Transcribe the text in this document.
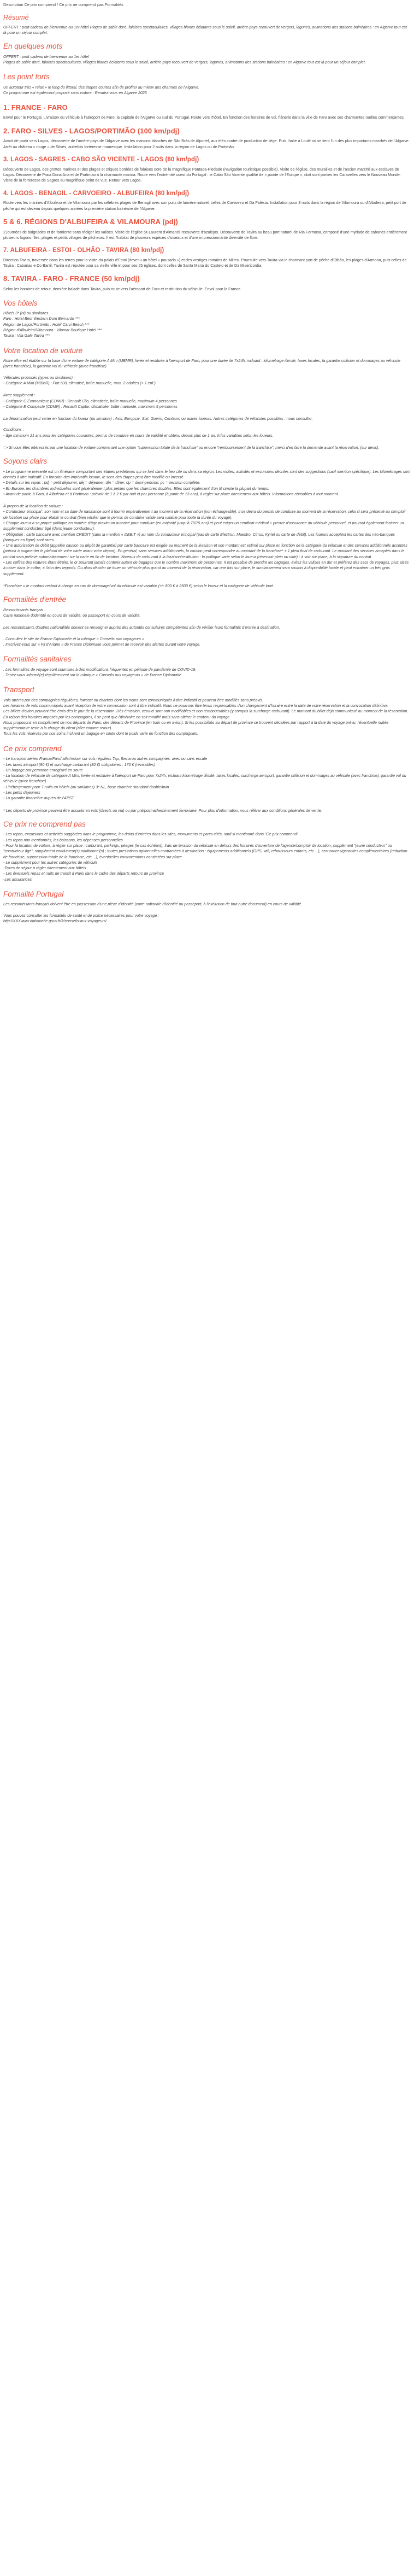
Description Ce prix comprend / Ce prix ne comprend pas Formalités

Résumé

OFFERT : petit cadeau de bienvenue au 1er hôtel Plages de sable doré, falaises spectaculaires, villages blancs éclatants sous le soleil, arrière-pays recouvert de vergers, lagunes, animations des stations balnéaires : en Algarve tout est là pour un séjour complet.

En quelques mots

OFFERT : petit cadeau de bienvenue au 1er hôtel

Plages de sable doré, falaises spectaculaires, villages blancs éclatants sous le soleil, arrière-pays recouvert de vergers, lagunes, animations des stations balnéaires : en Algarve tout est là pour un séjour complet.

Les point forts

Un autotour très « relax » le long du littoral, des étapes courtes afin de profiter au mieux des charmes de l'Algarve.

Ce programme est également proposé sans voiture : Rendez-vous en Algarve 2025

1. FRANCE - FARO

Envol pour le Portugal. Livraison du véhicule à l'aéroport de Faro, la capitale de l'Algarve ou sud du Portugal. Route vers l'hôtel. En fonction des horaires de vol, flânerie dans la ville de Faro avec ses charmantes ruelles commerçantes.

2. FARO - SILVES - LAGOS/PORTIMÃO (100 km/pdj)

Avant de partir vers Lagos, découverte de l'arrière-pays de l'Algarve avec les maisons blanches de São Brás de Alportel, aux étés contre de production de liège. Puis, halte à Loulé où se tient l'un des plus importants marchés de l'Algarve. Arrêt au château « rouge » de Silves, autrefois forteresse mauresque. Installation pour 2 nuits dans la région de Lagos ou de Portimão.

3. LAGOS - SAGRES - CABO SÃO VICENTE - LAGOS (80 km/pdj)

Découverte de Lagos, des grottes marines et des plages et criques bordées de falaises ocre de la magnifique Pontada-Piedade (navigation touristique possible). Visite de l'église, des murailles et de l'ancien marché aux esclaves de Lagos. Découverte de Praia Dona Ana et de Portimao à la charmante marina. Route vers l'extrémité ouest du Portugal : le Cabo São Vicente qualifié de « pointe de l'Europe », dixit sont parties les Caravelles vers le Nouveau Monde. Visite de la forteresse de Sagres au magnifique point de vue. Retour vers Lagos.

4. LAGOS - BENAGIL - CARVOEIRO - ALBUFEIRA (80 km/pdj)

Route vers les marines d'Albufeira et de Vilamoura par les célèbres plages de Benagil avec son puits de lumière naturel, celles de Carvoeiro et Da Falésia. Installation pour 3 nuits dans la région de Vilamoura ou d'Albufeira, petit port de pêche qui est devenu depuis quelques années la première station balnéaire de l'Algarve.

5 & 6. RÉGIONS D'ALBUFEIRA & VILAMOURA (pdj)

2 journées de baignades et de farniente sans rédiger les valises. Visite de l'église St-Laurent d'Almancil recouverte d'azulejos. Découverte de Tavira au beau port naturel de Ria Formosa, composé d'une myriade de cabanes entièrement plusieurs lagons, îles, plages et petits villages de pêcheurs. Il est l'habitat de plusieurs espèces d'oiseaux et d'une impressionnante diversité de flore.

7. ALBUFEIRA - ESTOI - OLHÃO - TAVIRA (80 km/pdj)

Direction Tavira, traversée dans les terres pour la visite du palais d'Estoi (devenu un hôtel « pousada ») et des vestiges romains de Milreu. Poursuite vers Tavira via le charmant port de pêche d'Olhão, les plages d'Armona, puis celles de Tavira : Cabanas e Do Barril. Tavira est réputée pour sa vieille ville et pour ses 25 églises, dont celles de Santa Maria do Castelo et de Da Misericordia.

8. TAVIRA - FARO - FRANCE (50 km/pdj)

Selon les horaires de retour, dernière balade dans Tavira, puis route vers l'aéroport de Faro et restitution du véhicule. Envol pour la France.

Vos hôtels

Hôtels 3* (ni) ou similaires

Faro : Hotel Best Western Dom Bernardo ***

Région de Lagos/Portimão : Hotel Carvi Beach ***

Région d'Albufeira/Vilamoura : Vilamar Boutique Hotel ***

Tavira : Vila Gale Tavira ***

Votre location de voiture

Notre offre est établie sur la base d'une voiture de catégorie A Mini (MBMR), livrée et restituée à l'aéroport de Faro, pour une durée de 7x24h, incluant : kilométrage illimité, taxes locales, la garantie collision et dommages au véhicule (avec franchise), la garantie vol du véhicule (avec franchise)

Véhicules proposés (types ou similaires) :

- Catégorie A Mini (MBMR) : Fiat 500, climatisé, boîte manuelle, max. 2 adultes (+ 1 enf.)

Avec supplément :

- Catégorie C Économique (CDMR) : Renault Clio, climatisée, boîte manuelle, maximum 4 personnes

- Catégorie E Compacte (CDMR) : Renault Captur, climatisée, boîte manuelle, maximum 5 personnes

La dénomination peut varier en fonction du loueur (ou similaire) : Avis, Europcar, Sixt, Guerin, Centauro ou autres loueurs. Autres catégories de véhicules possibles : nous consulter.

Conditions :

- âge minimum 21 ans pour les catégories courantes, permis de conduire en cours de validité et obtenu depuis plus de 1 an. Infos variables selon les loueurs.

=> Si vous êtes intéressés par une location de voiture comprenant une option "suppression totale de la franchise" ou encore "remboursement de la franchise", merci d'en faire la demande avant la réservation, (sur devis).

Soyons clairs

• Le programme présenté est un itinéraire comportant des étapes prédéfinies qui se font dans le lieu cité ou dans sa région. Les visites, activités et excursions décrites sont des suggestions (sauf mention spécifique). Les kilométrages sont donnés à titre indicatif. En fonction des impératifs locaux, le sens des étapes peut être modifié ou inversé.

• Détails sur les repas : pdj = petit déjeuner, déj = déjeuner, dîn = dîner, dp = demi-pension, pc = pension complète.

• En Europe, les chambres individuelles sont généralement plus petites que les chambres doubles. Elles sont également d'un lit simple la plupart du temps.

• Avant de partir, à Faro, à Albufeira et à Portimao : prévoir de 1 à 2 € par nuit et par personne (à partir de 13 ans), à régler sur place directement aux hôtels. Informations révisables à tout moment.

À propos de la location de voiture :

• Conducteur principal : son nom et sa date de naissance sont à fournir impérativement au moment de la réservation (non échangeable). Il se devra du permis de conduire au moment de la réservation, celui ci sera présenté au comptoir de location sur place pour établir le contrat (bien vérifier que le permis de conduire valide sera valable pour toute la durée du voyage).

• Chaque loueur a sa propre politique en matière d'âge maximum autorisé pour conduire (en majorité jusqu'à 70/75 ans) et peut exiger un certificat médical + preuve d'assurance du véhicule personnel, et pourrait également facturer un supplément conducteur âgé (dans jeune conducteur).

• Obligation : carte bancaire avec mention CRÉDIT (sans la mention « DEBIT ») au nom du conducteur principal (pas de carte Electron, Maestro, Cirrus, Kyriel ou carte de débit). Les loueurs acceptent les cartes des néo-banques (banques en ligne) sont rares.

• Une autorisation de débit (appelée caution ou dépôt de garantie) par carte bancaire est exigée au moment de la livraison et son montant est estimé sur place en fonction de la catégorie du véhicule et des services additionnels acceptés (prévoir à augmenter le plafond de votre carte avant votre départ). En général, sans services additionnels, la caution peut correspondre au montant de la franchise* + 1 plein final de carburant. Le montant des services acceptés dans le contrat sera prélevé automatiquement sur la carte en fin de location. Niveaux de carburant à la livraison/restitution : la politique varie selon le loueur (réservoir plein ou vide) - à voir sur place, à la signature du contrat.

• Les coffres des voitures étant étroits, le or pourront jamais contenir autant de bagages que le nombre maximum de personnes. Il est possible de prendre les bagages. évitez les valises en dur et préférez des sacs de voyages, plus aisés à caser dans le coffre, à l'abri des regards. Ou alors décider de louer un véhicule plus grand au moment de la réservation, car une fois sur place, le surclassement sera soumis à disponibilité locale et peut entraîner un très gros supplément.

*Franchise = le montant restant à charge en cas de dommage/vol du véhicule est variable (+/- 800 € à 2500 €) selon le loueur et la catégorie de véhicule loué.

Formalités d'entrée

Ressortissants français :

Carte nationale d'identité en cours de validité, ou passeport en cours de validité.

Les ressortissants d'autres nationalités doivent se renseigner auprès des autorités consulaires compétentes afin de vérifier leurs formalités d'entrée à destination.

. Consultez le site de France Diplomatie et la rubrique « Conseils aux voyageurs »

. Inscrivez-vous sur « Fil d'Ariane » de France Diplomatie vous permet de recevoir des alertes durant votre voyage.

Formalités sanitaires

. Les formalités de voyage sont soumises à des modifications fréquentes en période de pandémie de COVID-19.

. Tenez-vous informé(e) régulièrement sur la rubrique « Conseils aux voyageurs » de France Diplomatie

Transport

Vols opérés par des compagnies régulières, lowcost ou charters dont les noms sont communiqués à titre indicatif et peuvent être modifiés sans préavis.

Les horaires de vols communiqués avant réception de votre convocation sont à titre indicatif. Nous ne pourrons être tenus responsables d'un changement d'horaire entre la date de votre réservation et la convocation définitive.

Les billets d'avion peuvent être émis dès le jour de la réservation. Dès émission, ceux-ci sont non modifiables et non remboursables (y compris la surcharge carburant). Le montant du billet déjà communiqué au moment de la réservation.

En raison des horaires imposés par les compagnies, il se peut que l'itinéraire en soit modifié mais sans altérer le contenu du voyage.

Nous proposons en complément de nos départs de Paris, des départs de Province (en train ou en avion). Si les possibilités au départ de province se trouvent décalées par rapport à la date du voyage prévu, l'éventuelle nuitée supplémentaire reste à la charge du client (aller comme retour).

Tous les vols réservés par nos soins incluent un bagage en soute dont le poids varie en fonction des compagnies.

Ce prix comprend

- Le transport aérien France/Faro/ aller/retour sur vols réguliers Tap, Iberia ou autres compagnies, avec ou sans escale

- Les taxes aéroport (90 €) et surcharge carburant (80 €) obligatoires : 170 € (révisables)

- Un bagage par personne enregistré en soute

- La location de véhicule de catégorie A Mini, livrée et restituée à l'aéroport de Faro pour 7x24h, incluant kilométrage illimité, taxes locales, surcharge aéroport, garantie collision et dommages au véhicule (avec franchise), garantie vol du véhicule (avec franchise)

- L'hébergement pour 7 nuits en hôtels (ou similaires) 3* NL, base chambre standard double/twin

- Les petits déjeuners

- La garantie financière auprès de l'APST

* Les départs de province peuvent être assurés en vols (directs ou via) ou par pré/post-acheminement ferroviaire. Pour plus d'information, vous référer aux conditions générales de vente.

Ce prix ne comprend pas

- Les repas, excursions et activités suggérées dans le programme, les droits d'entrées dans les sites, monuments et parcs cités, sauf si mentionné dans "Ce prix comprend"

- Les repas non mentionnés, les boissons, les dépenses personnelles

- Pour la location de voiture, à régler sur place : carburant, parkings, péages (le cas échéant), frais de livraison du véhicule en dehors des horaires d'ouverture de l'agence/comptoir de location, supplément "jeune conducteur" ou "conducteur âgé", supplément conducteur(s) additionnel(s) ; toutes prestations optionnelles contractées à destination : équipements additionnels (GPS, wifi, rehausseurs enfants, etc....), assurances/garanties complémentaires (réduction de franchise, suppression totale de la franchise, etc....), éventuelles contraventions constatées sur place

- Le supplément pour les autres catégories de véhicule

-Taxes de séjour à régler directement aux hôtels

- Les éventuels repas et nuits de transit à Paris dans le cadre des départs retours de province

-Les assurances

Formalité Portugal

Les ressortissants français doivent être en possession d'une pièce d'identité (carte nationale d'identité ou passeport, à l'exclusion de tout autre document) en cours de validité.

Vous pouvez consulter les formalités de santé et de police nécessaires pour votre voyage :

http://XXXwww.diplomatie.gouv.fr/fr/conseils-aux-voyageurs/
